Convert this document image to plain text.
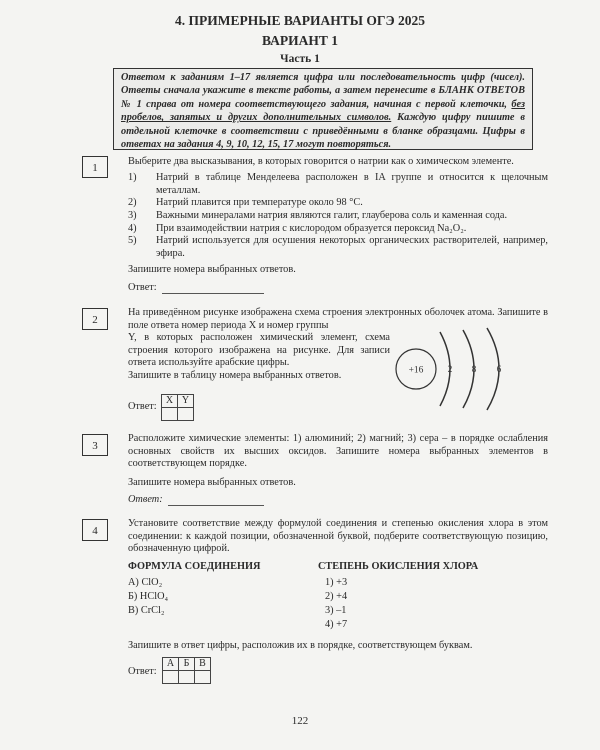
4. ПРИМЕРНЫЕ ВАРИАНТЫ ОГЭ 2025
ВАРИАНТ 1
Часть 1
Ответом к заданиям 1–17 является цифра или последовательность цифр (чисел). Ответы сначала укажите в тексте работы, а затем перенесите в БЛАНК ОТВЕТОВ № 1 справа от номера соответствующего задания, начиная с первой клеточки, без пробелов, запятых и других дополнительных символов. Каждую цифру пишите в отдельной клеточке в соответствии с приведёнными в бланке образцами. Цифры в ответах на задания 4, 9, 10, 12, 15, 17 могут повторяться.
1
Выберите два высказывания, в которых говорится о натрии как о химическом элементе.
1) Натрий в таблице Менделеева расположен в IA группе и относится к щелочным металлам.
2) Натрий плавится при температуре около 98 °С.
3) Важными минералами натрия являются галит, глауберова соль и каменная сода.
4) При взаимодействии натрия с кислородом образуется пероксид Na₂O₂.
5) Натрий используется для осушения некоторых органических растворителей, например, эфира.
Запишите номера выбранных ответов.
Ответ:
2
На приведённом рисунке изображена схема строения электронных оболочек атома. Запишите в поле ответа номер периода X и номер группы
Y, в которых расположен химический элемент, схема строения которого изображена на рисунке. Для записи ответа используйте арабские цифры.
Запишите в таблицу номера выбранных ответов.
Ответ:
X	Y

+16	2 8 6
3
Расположите химические элементы: 1) алюминий; 2) магний; 3) сера – в порядке ослабления основных свойств их высших оксидов. Запишите номера выбранных элементов в соответствующем порядке.
Запишите номера выбранных ответов.
Ответ:
4
Установите соответствие между формулой соединения и степенью окисления хлора в этом соединении: к каждой позиции, обозначенной буквой, подберите соответствующую позицию, обозначенную цифрой.
ФОРМУЛА СОЕДИНЕНИЯ	СТЕПЕНЬ ОКИСЛЕНИЯ ХЛОРА
А) ClO₂
Б) HClO₄
В) CrCl₂
1) +3
2) +4
3) –1
4) +7
Запишите в ответ цифры, расположив их в порядке, соответствующем буквам.
Ответ:
А	Б	В

122
